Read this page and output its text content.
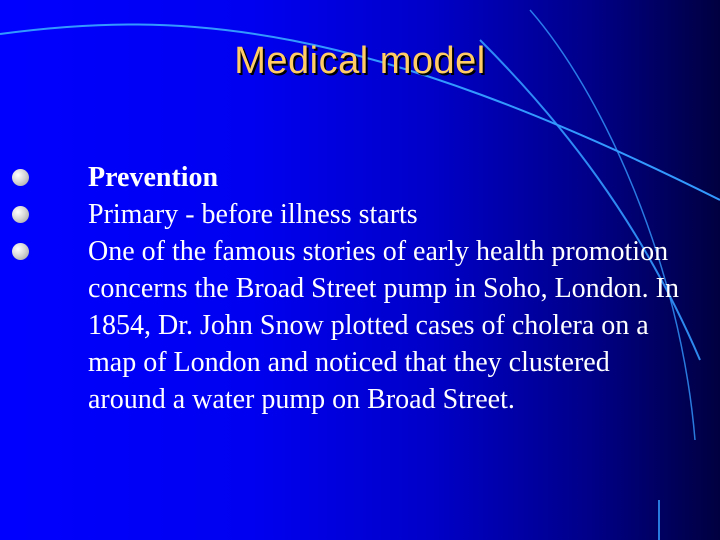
Medical model
Prevention
Primary - before illness starts
One of the famous stories of early health promotion concerns the Broad Street pump in Soho, London. In 1854, Dr. John Snow plotted cases of cholera on a map of London and noticed that they clustered around a water pump on Broad Street.
